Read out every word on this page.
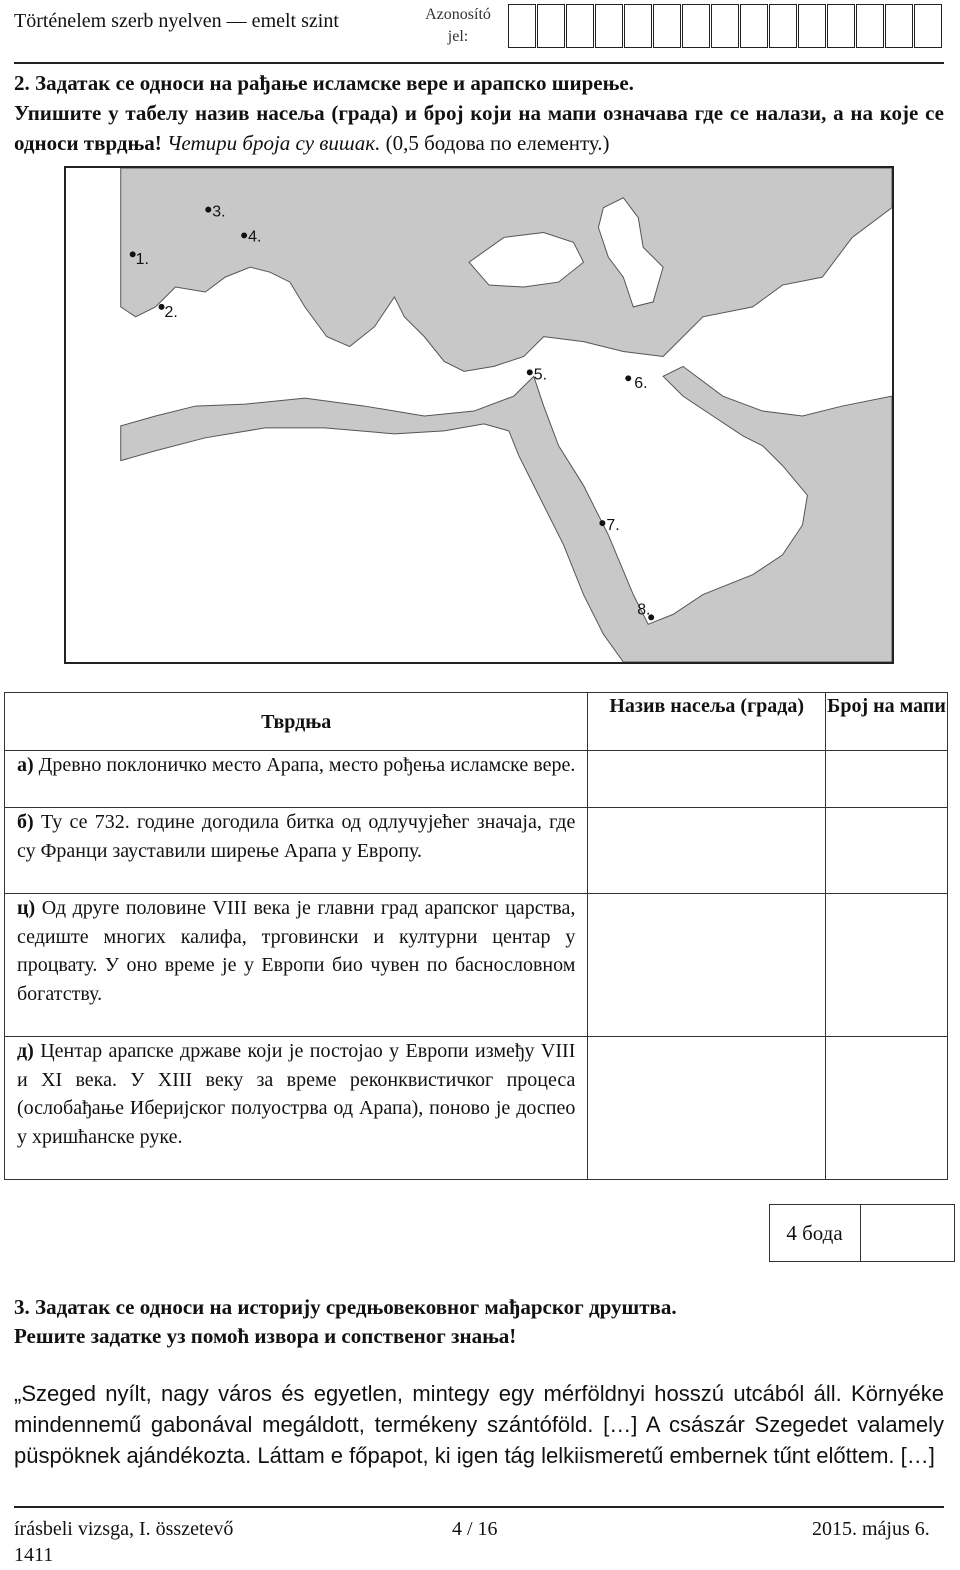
Történelem szerb nyelven — emelt szint	Azonosító jel:
2. Задатак се односи на рађање исламске вере и арапско ширење.
Упишите у табелу назив насеља (града) и број који на мапи означава где се налази, а на које се односи тврдња! Четири броја су вишак. (0,5 бодова по елементу.)
1.
2.
3.
4.
5.
6.
7.
8.
Тврдња	Назив насеља (града)	Број на мапи
а) Древно поклоничко место Арапа, место рођења исламске вере.		
б) Ту се 732. године догодила битка од одлучујећег значаја, где су Франци зауставили ширење Арапа у Европу.		
ц) Од друге половине VIII века је главни град арапског царства, седиште многих калифа, трговински и културни центар у процвату. У оно време је у Европи био чувен по баснословном богатству.		
д) Центар арапске државе који је постојао у Европи између VIII и XI века. У XIII веку за време реконквистичког процеса (ослобађање Иберијског полуострва од Арапа), поново је доспео у хришћанске руке.		
4 бода
3. Задатак се односи на историју средњовековног мађарског друштва.
Решите задатке уз помоћ извора и сопственог знања!
„Szeged nyílt, nagy város és egyetlen, mintegy egy mérföldnyi hosszú utcából áll. Környéke mindennemű gabonával megáldott, termékeny szántóföld. […] A császár Szegedet valamely püspöknek ajándékozta. Láttam e főpapot, ki igen tág lelkiismeretű embernek tűnt előttem. […]
írásbeli vizsga, I. összetevő
1411
4 / 16	2015. május 6.
